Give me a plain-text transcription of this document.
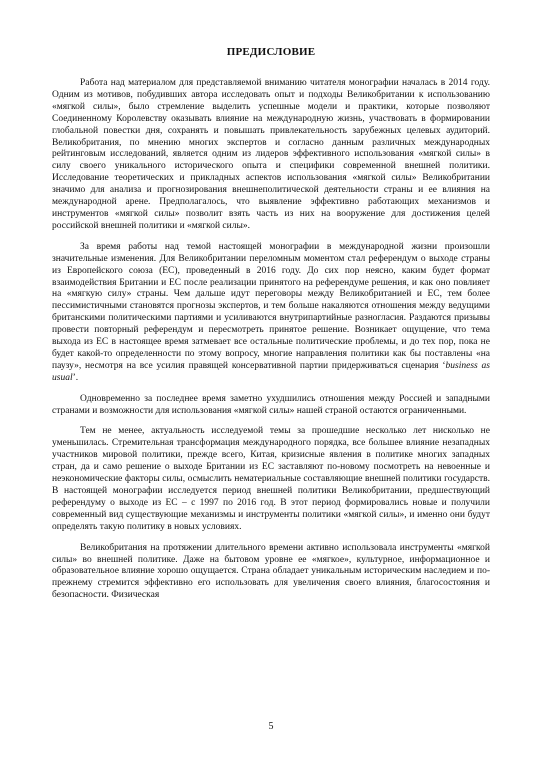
ПРЕДИСЛОВИЕ

Работа над материалом для представляемой вниманию читателя монографии началась в 2014 году. Одним из мотивов, побудивших автора исследовать опыт и подходы Великобритании к использованию «мягкой силы», было стремление выделить успешные модели и практики, которые позволяют Соединенному Королевству оказывать влияние на международную жизнь, участвовать в формировании глобальной повестки дня, сохранять и повышать привлекательность зарубежных целевых аудиторий. Великобритания, по мнению многих экспертов и согласно данным различных международных рейтинговым исследований, является одним из лидеров эффективного использования «мягкой силы» в силу своего уникального исторического опыта и специфики современной внешней политики. Исследование теоретических и прикладных аспектов использования «мягкой силы» Великобритании значимо для анализа и прогнозирования внешнеполитической деятельности страны и ее влияния на международной арене. Предполагалось, что выявление эффективно работающих механизмов и инструментов «мягкой силы» позволит взять часть из них на вооружение для достижения целей российской внешней политики и «мягкой силы».

За время работы над темой настоящей монографии в международной жизни произошли значительные изменения. Для Великобритании переломным моментом стал референдум о выходе страны из Европейского союза (ЕС), проведенный в 2016 году. До сих пор неясно, каким будет формат взаимодействия Британии и ЕС после реализации принятого на референдуме решения, и как оно повлияет на «мягкую силу» страны. Чем дальше идут переговоры между Великобританией и ЕС, тем более пессимистичными становятся прогнозы экспертов, и тем больше накаляются отношения между ведущими британскими политическими партиями и усиливаются внутрипартийные разногласия. Раздаются призывы провести повторный референдум и пересмотреть принятое решение. Возникает ощущение, что тема выхода из ЕС в настоящее время затмевает все остальные политические проблемы, и до тех пор, пока не будет какой-то определенности по этому вопросу, многие направления политики как бы поставлены «на паузу», несмотря на все усилия правящей консервативной партии придерживаться сценария ‘business as usual’.

Одновременно за последнее время заметно ухудшились отношения между Россией и западными странами и возможности для использования «мягкой силы» нашей страной остаются ограниченными.

Тем не менее, актуальность исследуемой темы за прошедшие несколько лет нисколько не уменьшилась. Стремительная трансформация международного порядка, все большее влияние незападных участников мировой политики, прежде всего, Китая, кризисные явления в политике многих западных стран, да и само решение о выходе Британии из ЕС заставляют по-новому посмотреть на невоенные и неэкономические факторы силы, осмыслить нематериальные составляющие внешней политики государств. В настоящей монографии исследуется период внешней политики Великобритании, предшествующий референдуму о выходе из ЕС – с 1997 по 2016 год. В этот период формировались новые и получили современный вид существующие механизмы и инструменты политики «мягкой силы», и именно они будут определять такую политику в новых условиях.

Великобритания на протяжении длительного времени активно использовала инструменты «мягкой силы» во внешней политике. Даже на бытовом уровне ее «мягкое», культурное, информационное и образовательное влияние хорошо ощущается. Страна обладает уникальным историческим наследием и по-прежнему стремится эффективно его использовать для увеличения своего влияния, благосостояния и безопасности. Физическая

5
